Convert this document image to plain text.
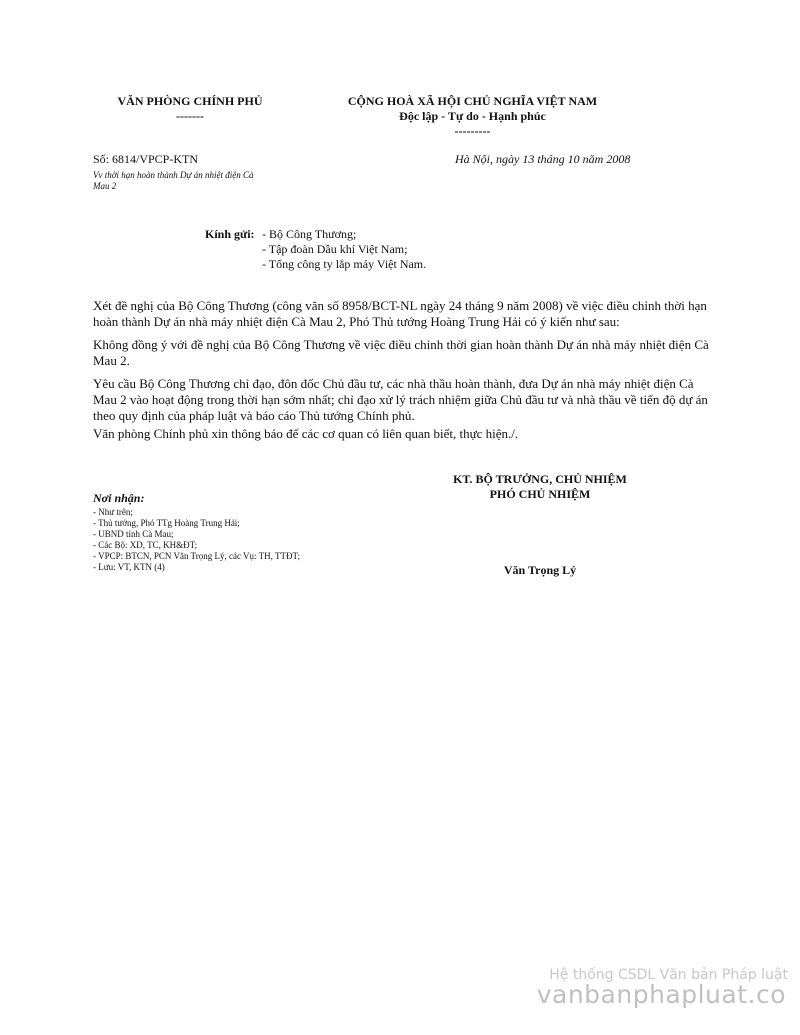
VĂN PHÒNG CHÍNH PHỦ
-------
CỘNG HOÀ XÃ HỘI CHỦ NGHĨA VIỆT NAM
Độc lập - Tự do - Hạnh phúc
---------
Số: 6814/VPCP-KTN
Vv thời hạn hoàn thành Dự án nhiệt điện Cà
Mau 2
Hà Nội, ngày 13 tháng 10 năm 2008
Kính gửi: - Bộ Công Thương;
- Tập đoàn Dầu khí Việt Nam;
- Tổng công ty lắp máy Việt Nam.
Xét đề nghị của Bộ Công Thương (công văn số 8958/BCT-NL ngày 24 tháng 9 năm 2008) về việc điều chỉnh thời hạn hoàn thành Dự án nhà máy nhiệt điện Cà Mau 2, Phó Thủ tướng Hoàng Trung Hải có ý kiến như sau:
Không đồng ý với đề nghị của Bộ Công Thương về việc điều chỉnh thời gian hoàn thành Dự án nhà máy nhiệt điện Cà Mau 2.
Yêu cầu Bộ Công Thương chỉ đạo, đôn đốc Chủ đầu tư, các nhà thầu hoàn thành, đưa Dự án nhà máy nhiệt điện Cà Mau 2 vào hoạt động trong thời hạn sớm nhất; chỉ đạo xử lý trách nhiệm giữa Chủ đầu tư và nhà thầu về tiến độ dự án theo quy định của pháp luật và báo cáo Thủ tướng Chính phủ.
Văn phòng Chính phủ xin thông báo để các cơ quan có liên quan biết, thực hiện./.
KT. BỘ TRƯỞNG, CHỦ NHIỆM
PHÓ CHỦ NHIỆM
Văn Trọng Lý
Nơi nhận:
- Như trên;
- Thủ tướng, Phó TTg Hoàng Trung Hải;
- UBND tỉnh Cà Mau;
- Các Bộ: XD, TC, KH&ĐT;
- VPCP: BTCN, PCN Văn Trọng Lý, các Vụ: TH, TTĐT;
- Lưu: VT, KTN (4)
Hệ thống CSDL Văn bản Pháp luật
vanbanphapluat.co
